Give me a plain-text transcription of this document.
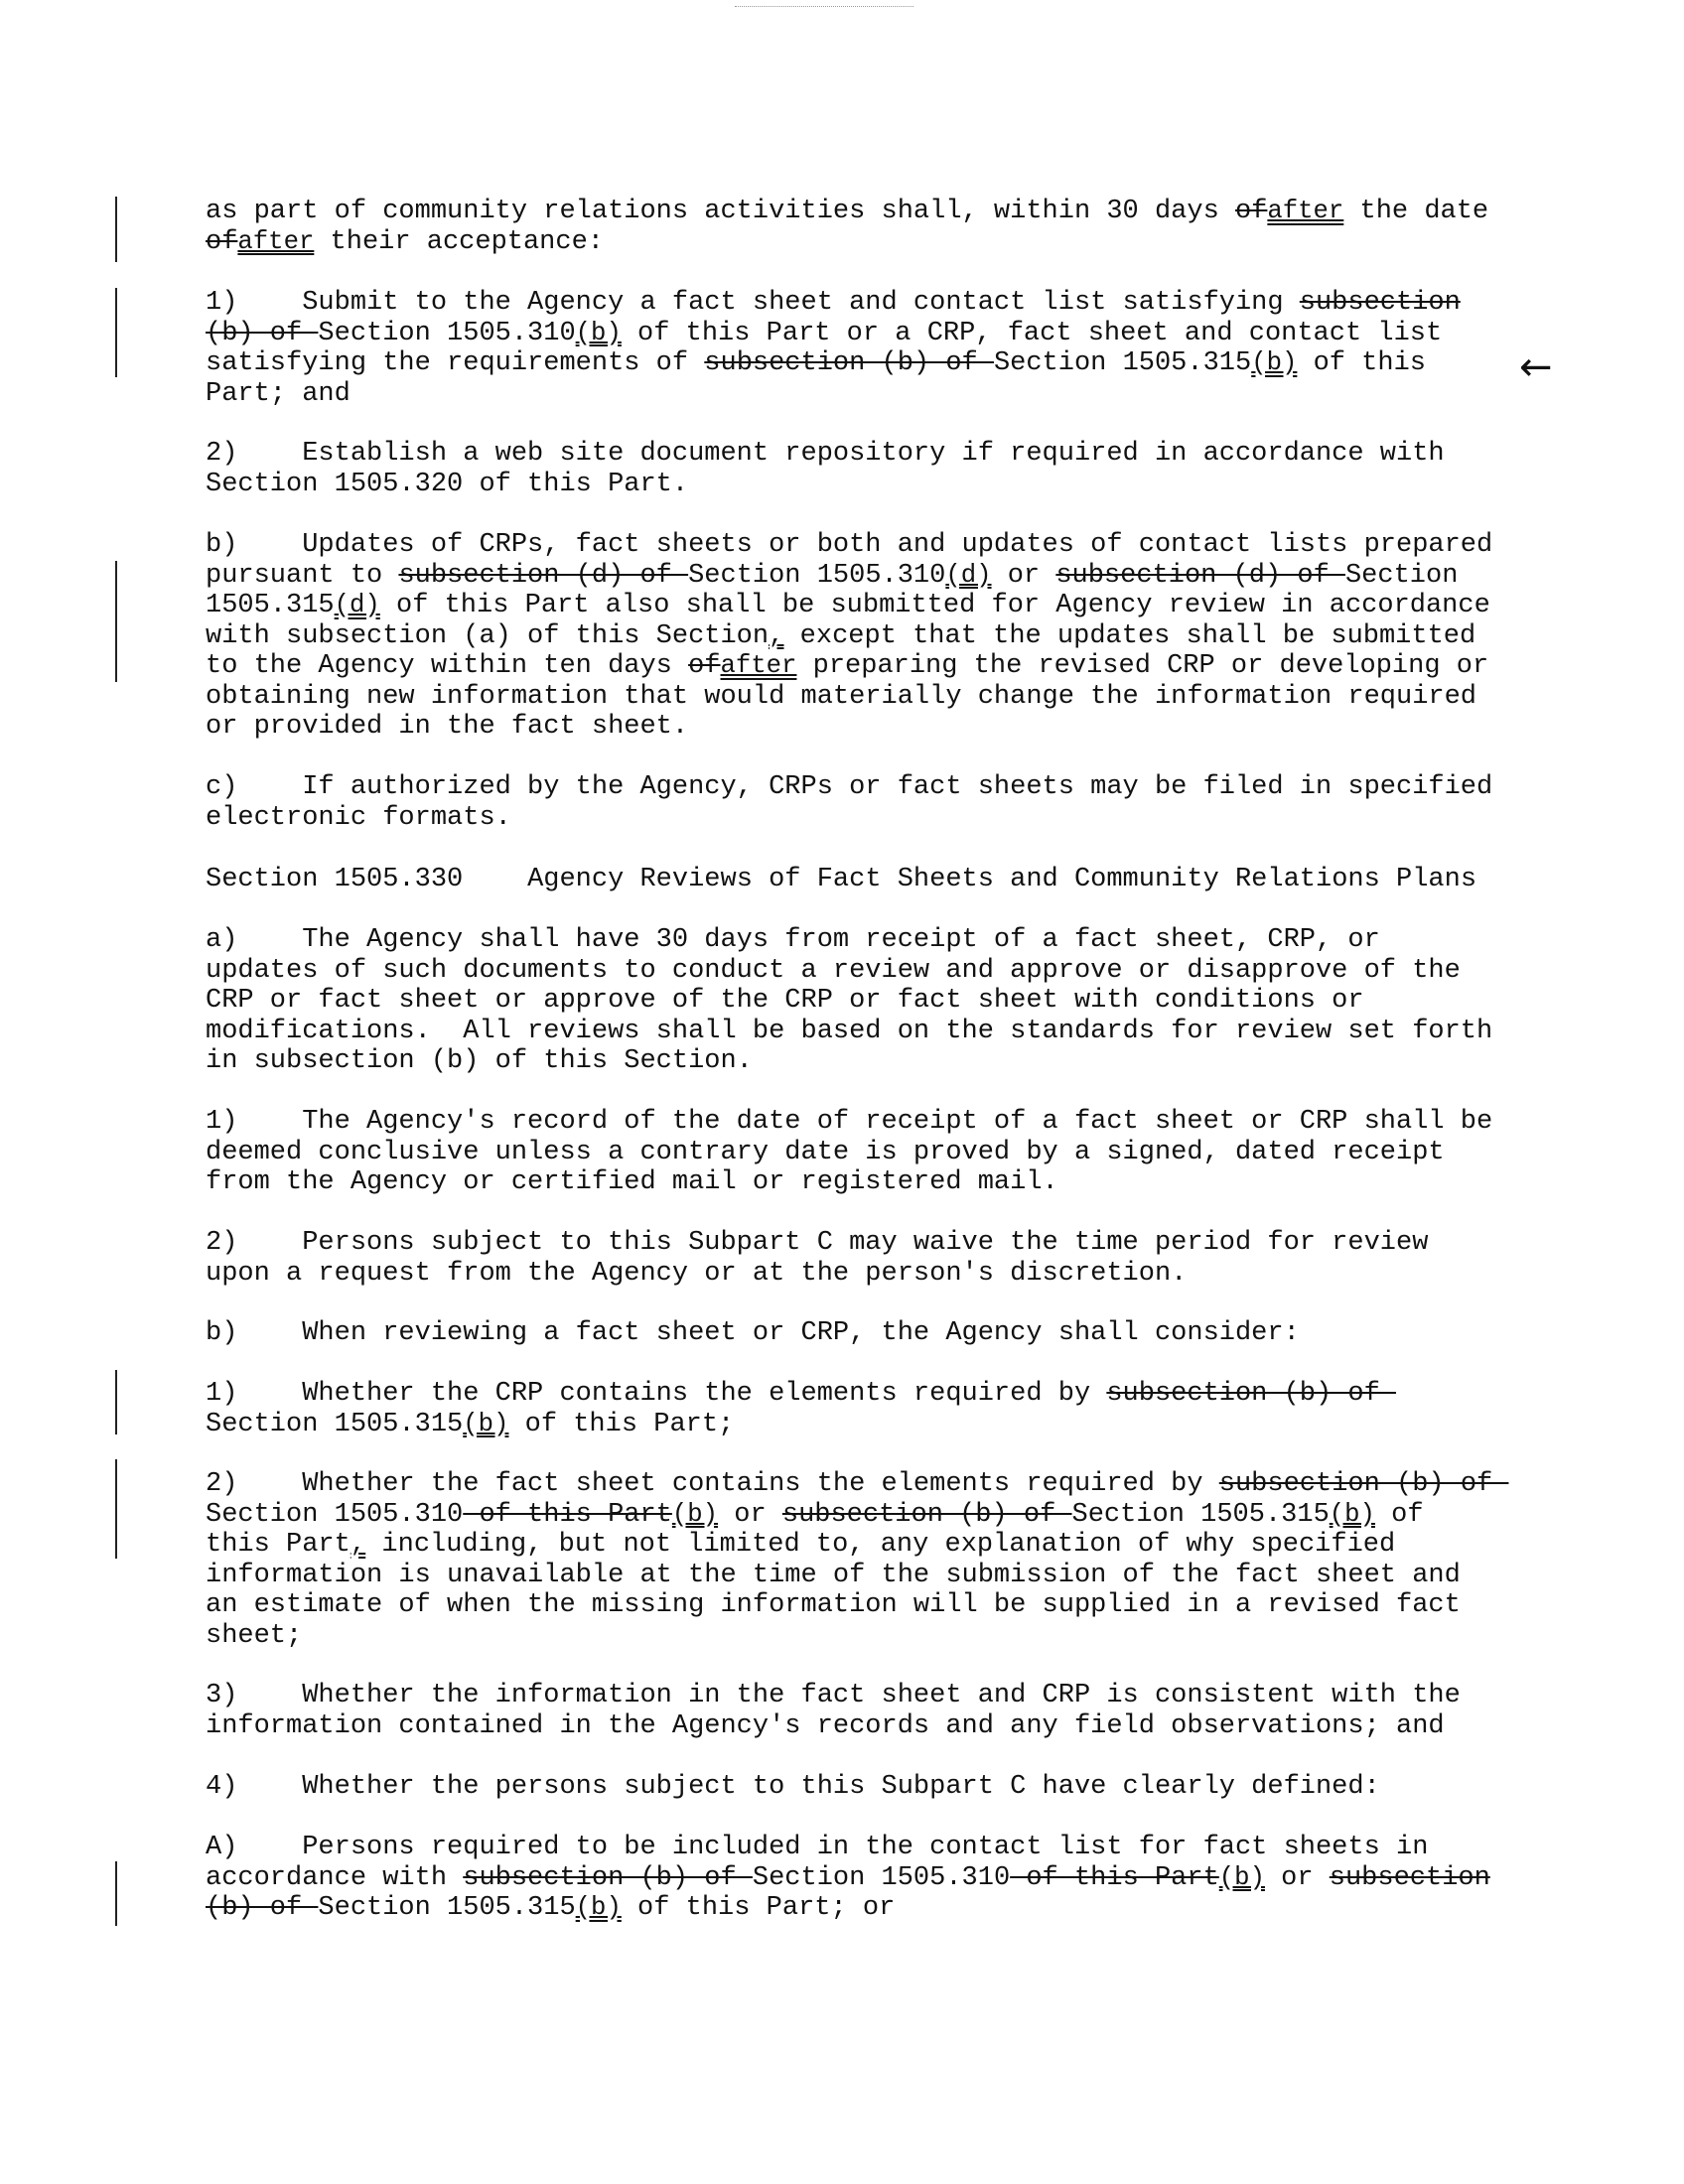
←
as part of community relations activities shall, within 30 days ofafter the date
ofafter their acceptance:
1)    Submit to the Agency a fact sheet and contact list satisfying subsection
(b) of Section 1505.310(b) of this Part or a CRP, fact sheet and contact list
satisfying the requirements of subsection (b) of Section 1505.315(b) of this
Part; and
2)    Establish a web site document repository if required in accordance with
Section 1505.320 of this Part.
b)    Updates of CRPs, fact sheets or both and updates of contact lists prepared
pursuant to subsection (d) of Section 1505.310(d) or subsection (d) of Section
1505.315(d) of this Part also shall be submitted for Agency review in accordance
with subsection (a) of this Section, except that the updates shall be submitted
to the Agency within ten days ofafter preparing the revised CRP or developing or
obtaining new information that would materially change the information required
or provided in the fact sheet.
c)    If authorized by the Agency, CRPs or fact sheets may be filed in specified
electronic formats.
Section 1505.330 Agency Reviews of Fact Sheets and Community Relations Plans
a)    The Agency shall have 30 days from receipt of a fact sheet, CRP, or
updates of such documents to conduct a review and approve or disapprove of the
CRP or fact sheet or approve of the CRP or fact sheet with conditions or
modifications.  All reviews shall be based on the standards for review set forth
in subsection (b) of this Section.
1)    The Agency's record of the date of receipt of a fact sheet or CRP shall be
deemed conclusive unless a contrary date is proved by a signed, dated receipt
from the Agency or certified mail or registered mail.
2)    Persons subject to this Subpart C may waive the time period for review
upon a request from the Agency or at the person's discretion.
b)    When reviewing a fact sheet or CRP, the Agency shall consider:
1)    Whether the CRP contains the elements required by subsection (b) of
Section 1505.315(b) of this Part;
2)    Whether the fact sheet contains the elements required by subsection (b) of
Section 1505.310 of this Part(b) or subsection (b) of Section 1505.315(b) of
this Part, including, but not limited to, any explanation of why specified
information is unavailable at the time of the submission of the fact sheet and
an estimate of when the missing information will be supplied in a revised fact
sheet;
3)    Whether the information in the fact sheet and CRP is consistent with the
information contained in the Agency's records and any field observations; and
4)    Whether the persons subject to this Subpart C have clearly defined:
A)    Persons required to be included in the contact list for fact sheets in
accordance with subsection (b) of Section 1505.310 of this Part(b) or subsection
(b) of Section 1505.315(b) of this Part; or
